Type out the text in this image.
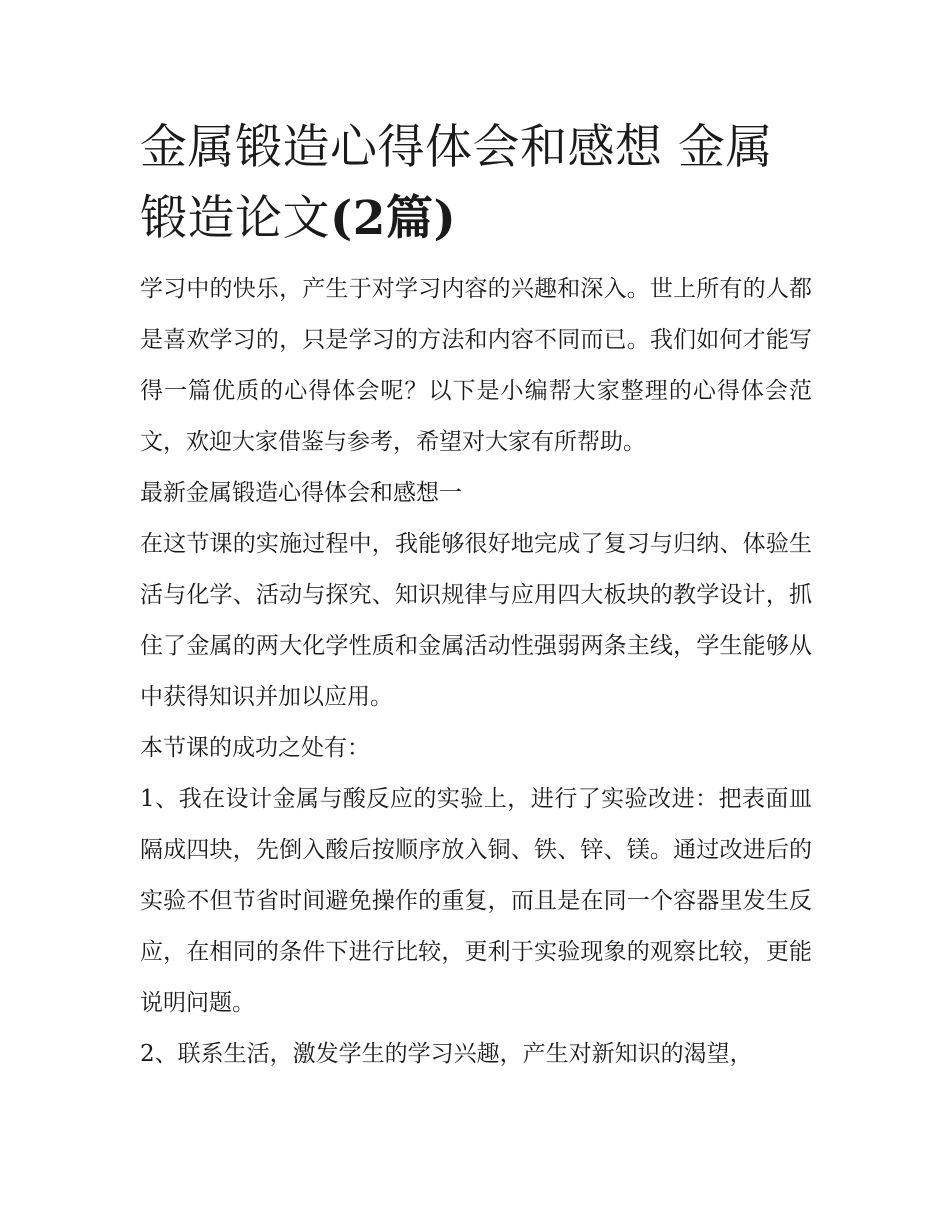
金属锻造心得体会和感想 金属锻造论文(2篇)

学习中的快乐，产生于对学习内容的兴趣和深入。世上所有的人都是喜欢学习的，只是学习的方法和内容不同而已。我们如何才能写得一篇优质的心得体会呢？以下是小编帮大家整理的心得体会范文，欢迎大家借鉴与参考，希望对大家有所帮助。

最新金属锻造心得体会和感想一

在这节课的实施过程中，我能够很好地完成了复习与归纳、体验生活与化学、活动与探究、知识规律与应用四大板块的教学设计，抓住了金属的两大化学性质和金属活动性强弱两条主线，学生能够从中获得知识并加以应用。

本节课的成功之处有：

1、我在设计金属与酸反应的实验上，进行了实验改进：把表面皿隔成四块，先倒入酸后按顺序放入铜、铁、锌、镁。通过改进后的实验不但节省时间避免操作的重复，而且是在同一个容器里发生反应，在相同的条件下进行比较，更利于实验现象的观察比较，更能说明问题。

2、联系生活，激发学生的学习兴趣，产生对新知识的渴望，
